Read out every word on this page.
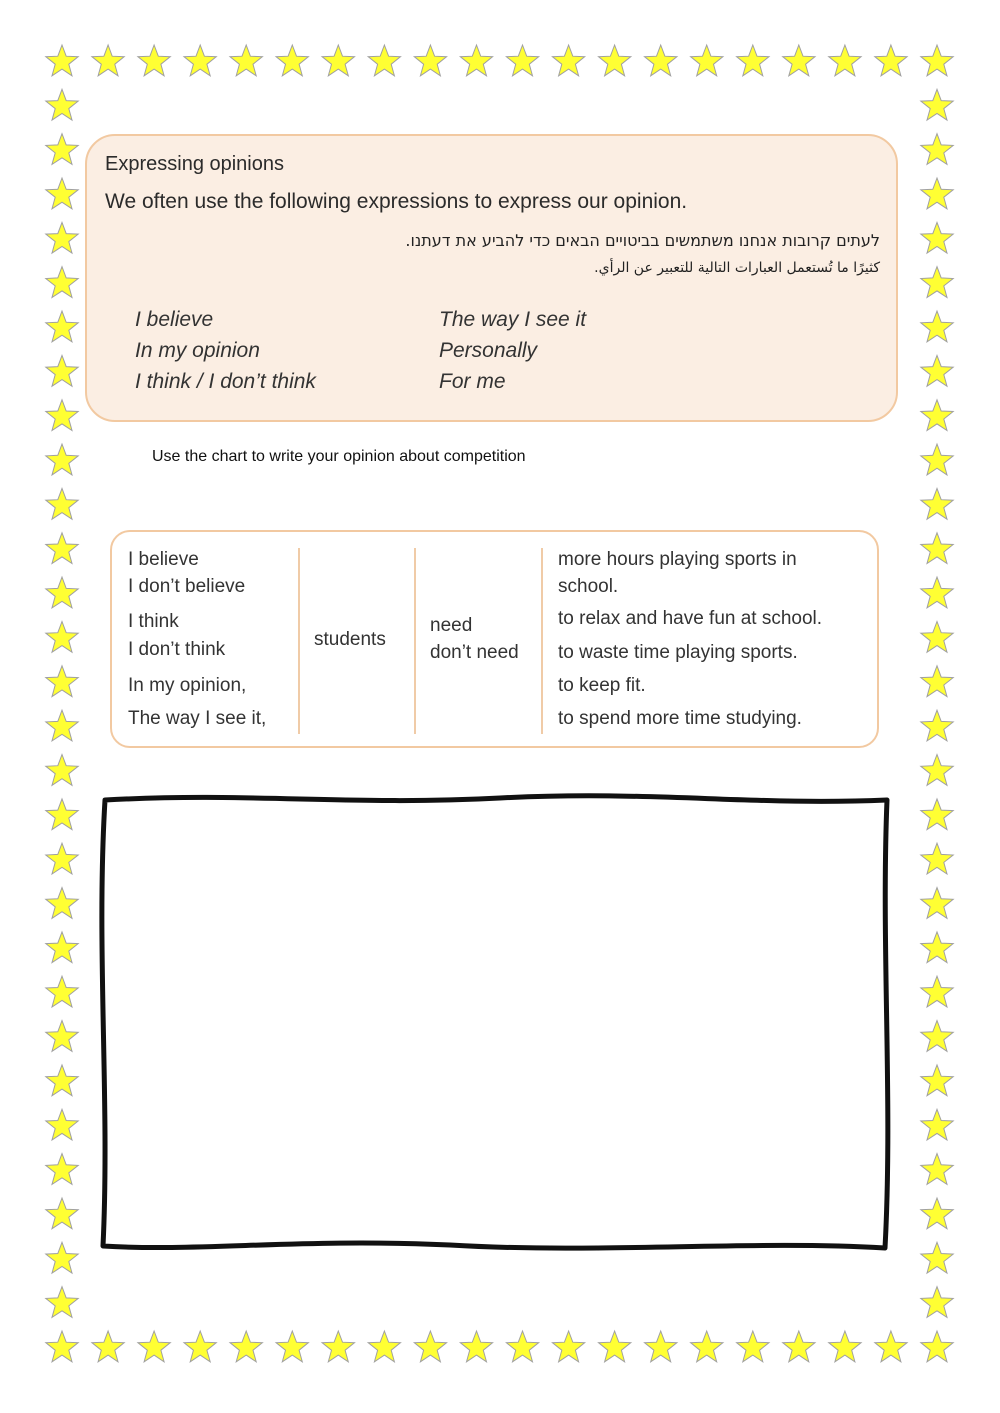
Expressing opinions
We often use the following expressions to express our opinion.
לעתים קרובות אנחנו משתמשים בביטויים הבאים כדי להביע את דעתנו.
كثيرًا ما تُستعمل العبارات التالية للتعبير عن الرأي.
I believe
In my opinion
I think / I don’t think
The way I see it
Personally
For me
Use the chart to write your opinion about competition
I believe
I don’t believe
I think
I don’t think
In my opinion,
The way I see it,
students
need
don’t need
more hours playing sports in
school.
to relax and have fun at school.
to waste time playing sports.
to keep fit.
to spend more time studying.
